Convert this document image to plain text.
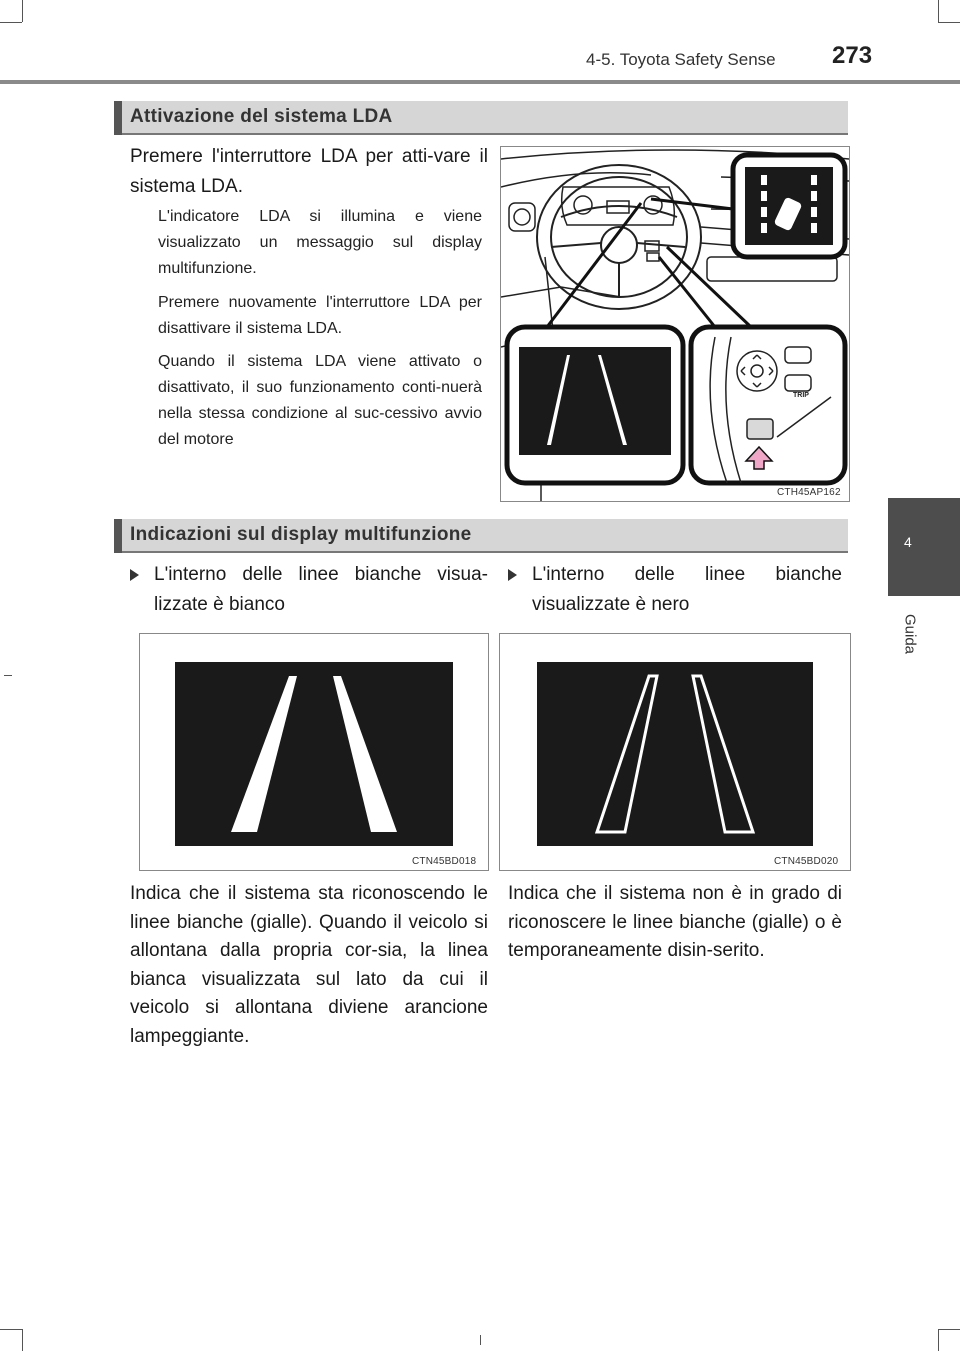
4-5. Toyota Safety Sense 273
4
Guida
Attivazione del sistema LDA

Premere l'interruttore LDA per atti-vare il sistema LDA.

L'indicatore LDA si illumina e viene visualizzato un messaggio sul display multifunzione.

Premere nuovamente l'interruttore LDA per disattivare il sistema LDA.

Quando il sistema LDA viene attivato o disattivato, il suo funzionamento conti-nuerà nella stessa condizione al suc-cessivo avvio del motore

TRIP
CTH45AP162
Indicazioni sul display multifunzione
L'interno delle linee bianche visua-lizzate è bianco
CTN45BD018

Indica che il sistema sta riconoscendo le linee bianche (gialle). Quando il veicolo si allontana dalla propria cor-sia, la linea bianca visualizzata sul lato da cui il veicolo si allontana diviene arancione lampeggiante.

L'interno delle linee bianche visualizzate è nero
CTN45BD020

Indica che il sistema non è in grado di riconoscere le linee bianche (gialle) o è temporaneamente disin-serito.
